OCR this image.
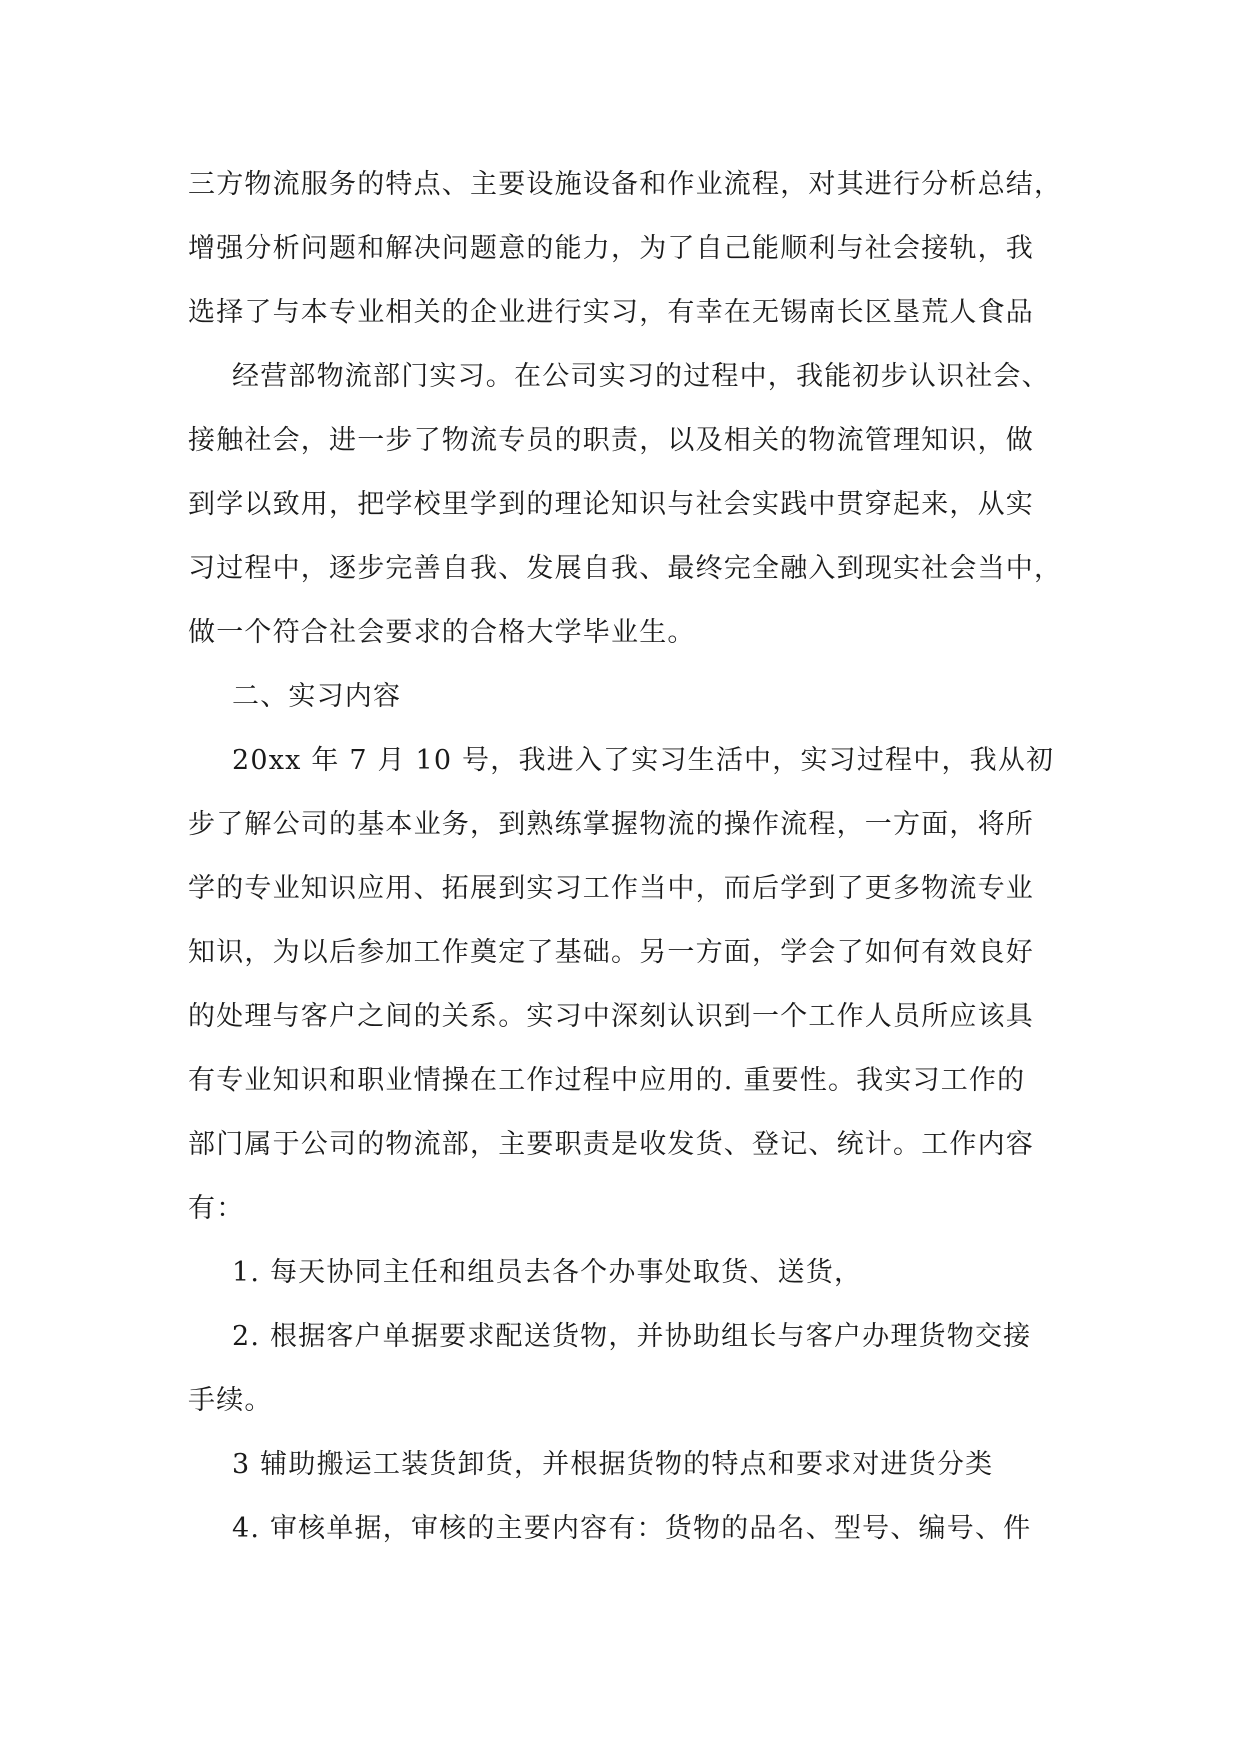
三方物流服务的特点、主要设施设备和作业流程，对其进行分析总结，
增强分析问题和解决问题意的能力，为了自己能顺利与社会接轨，我
选择了与本专业相关的企业进行实习，有幸在无锡南长区垦荒人食品
经营部物流部门实习。在公司实习的过程中，我能初步认识社会、
接触社会，进一步了物流专员的职责，以及相关的物流管理知识，做
到学以致用，把学校里学到的理论知识与社会实践中贯穿起来，从实
习过程中，逐步完善自我、发展自我、最终完全融入到现实社会当中，
做一个符合社会要求的合格大学毕业生。
二、实习内容
20xx 年 7 月 10 号，我进入了实习生活中，实习过程中，我从初
步了解公司的基本业务，到熟练掌握物流的操作流程，一方面，将所
学的专业知识应用、拓展到实习工作当中，而后学到了更多物流专业
知识，为以后参加工作奠定了基础。另一方面，学会了如何有效良好
的处理与客户之间的关系。实习中深刻认识到一个工作人员所应该具
有专业知识和职业情操在工作过程中应用的. 重要性。我实习工作的
部门属于公司的物流部，主要职责是收发货、登记、统计。工作内容
有：
1. 每天协同主任和组员去各个办事处取货、送货，
2. 根据客户单据要求配送货物，并协助组长与客户办理货物交接
手续。
3 辅助搬运工装货卸货，并根据货物的特点和要求对进货分类
4. 审核单据，审核的主要内容有：货物的品名、型号、编号、件
